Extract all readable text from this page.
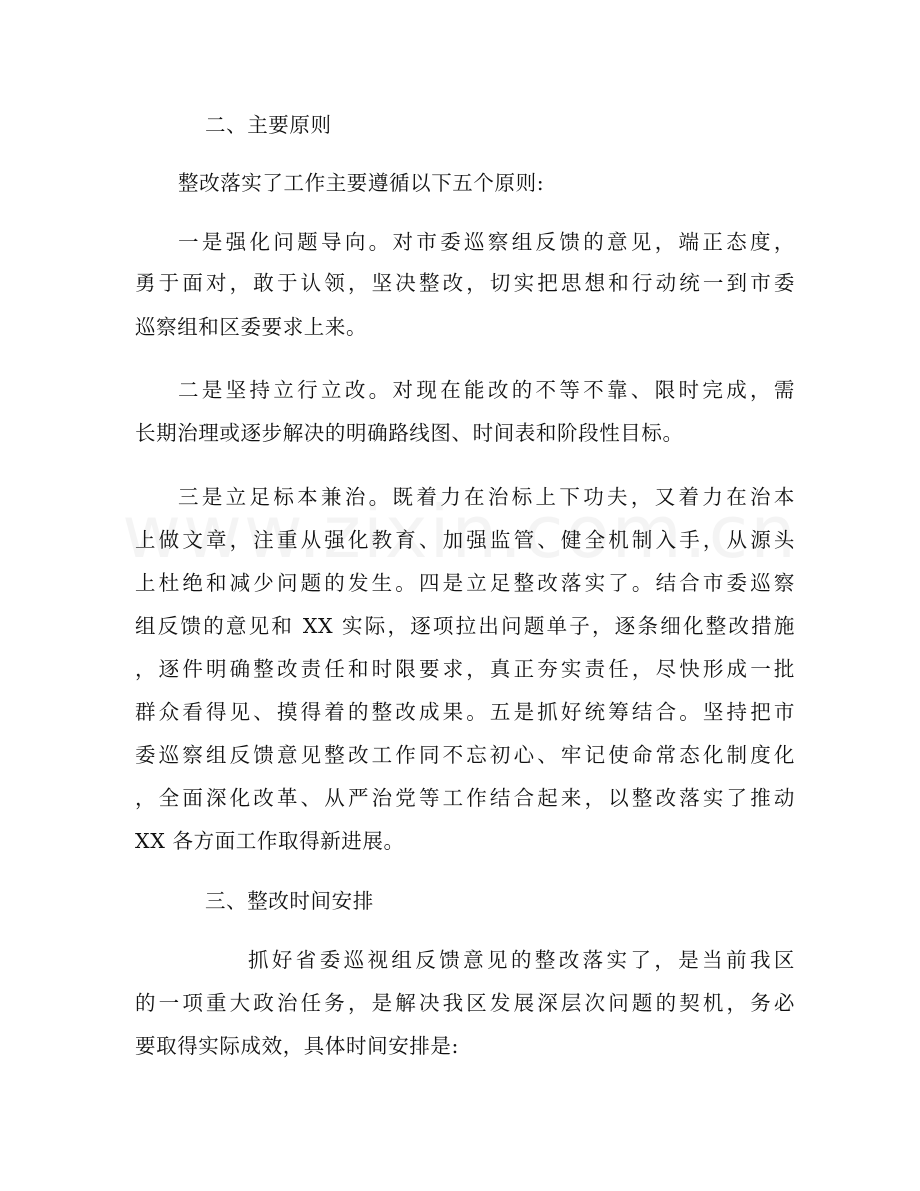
二、主要原则
整改落实了工作主要遵循以下五个原则:
一是强化问题导向。对市委巡察组反馈的意见，端正态度，
勇于面对，敢于认领，坚决整改，切实把思想和行动统一到市委
巡察组和区委要求上来。
二是坚持立行立改。对现在能改的不等不靠、限时完成，需
长期治理或逐步解决的明确路线图、时间表和阶段性目标。
三是立足标本兼治。既着力在治标上下功夫，又着力在治本
上做文章，注重从强化教育、加强监管、健全机制入手，从源头
上杜绝和减少问题的发生。四是立足整改落实了。结合市委巡察
组反馈的意见和 XX 实际，逐项拉出问题单子，逐条细化整改措施
，逐件明确整改责任和时限要求，真正夯实责任，尽快形成一批
群众看得见、摸得着的整改成果。五是抓好统筹结合。坚持把市
委巡察组反馈意见整改工作同不忘初心、牢记使命常态化制度化
，全面深化改革、从严治党等工作结合起来，以整改落实了推动
XX 各方面工作取得新进展。
三、整改时间安排
抓好省委巡视组反馈意见的整改落实了，是当前我区
的一项重大政治任务，是解决我区发展深层次问题的契机，务必
要取得实际成效，具体时间安排是:
